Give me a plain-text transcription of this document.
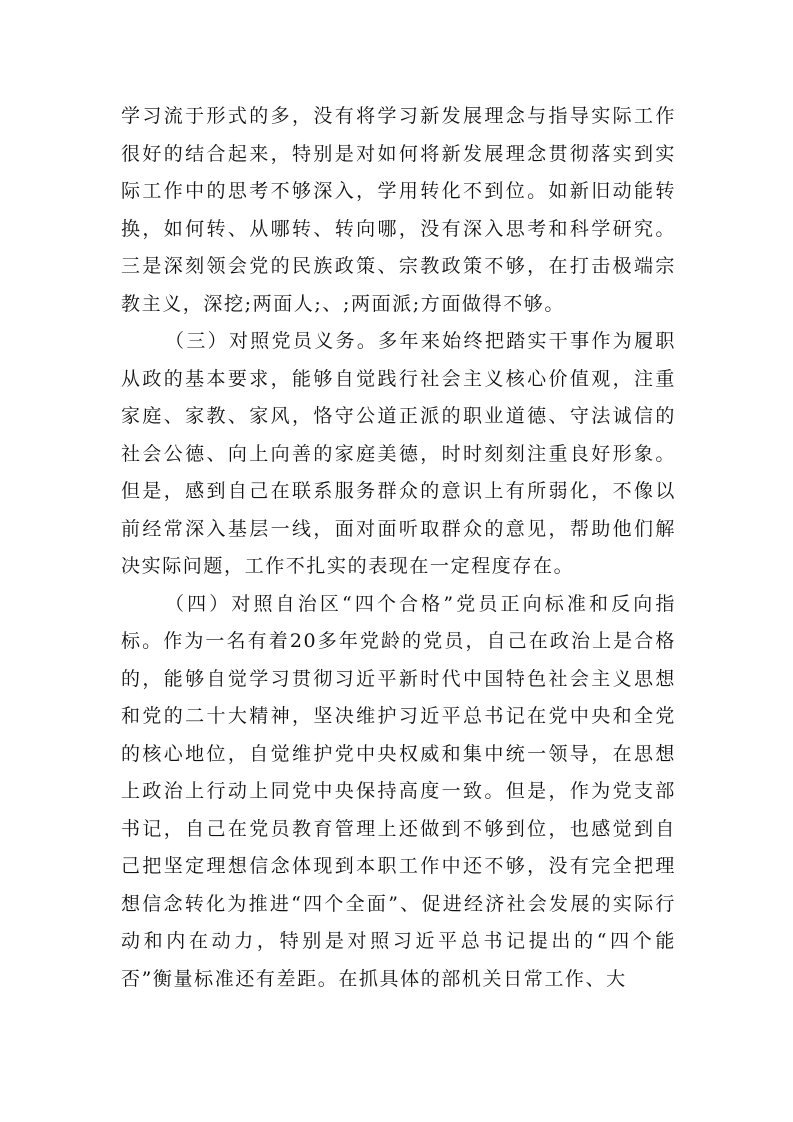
学习流于形式的多，没有将学习新发展理念与指导实际工作很好的结合起来，特别是对如何将新发展理念贯彻落实到实际工作中的思考不够深入，学用转化不到位。如新旧动能转换，如何转、从哪转、转向哪，没有深入思考和科学研究。三是深刻领会党的民族政策、宗教政策不够，在打击极端宗教主义，深挖;两面人;、;两面派;方面做得不够。

（三）对照党员义务。多年来始终把踏实干事作为履职从政的基本要求，能够自觉践行社会主义核心价值观，注重家庭、家教、家风，恪守公道正派的职业道德、守法诚信的社会公德、向上向善的家庭美德，时时刻刻注重良好形象。但是，感到自己在联系服务群众的意识上有所弱化，不像以前经常深入基层一线，面对面听取群众的意见，帮助他们解决实际问题，工作不扎实的表现在一定程度存在。

（四）对照自治区“四个合格”党员正向标准和反向指标。作为一名有着20多年党龄的党员，自己在政治上是合格的，能够自觉学习贯彻习近平新时代中国特色社会主义思想和党的二十大精神，坚决维护习近平总书记在党中央和全党的核心地位，自觉维护党中央权威和集中统一领导，在思想上政治上行动上同党中央保持高度一致。但是，作为党支部书记，自己在党员教育管理上还做到不够到位，也感觉到自己把坚定理想信念体现到本职工作中还不够，没有完全把理想信念转化为推进“四个全面”、促进经济社会发展的实际行动和内在动力，特别是对照习近平总书记提出的“四个能否”衡量标准还有差距。在抓具体的部机关日常工作、大
